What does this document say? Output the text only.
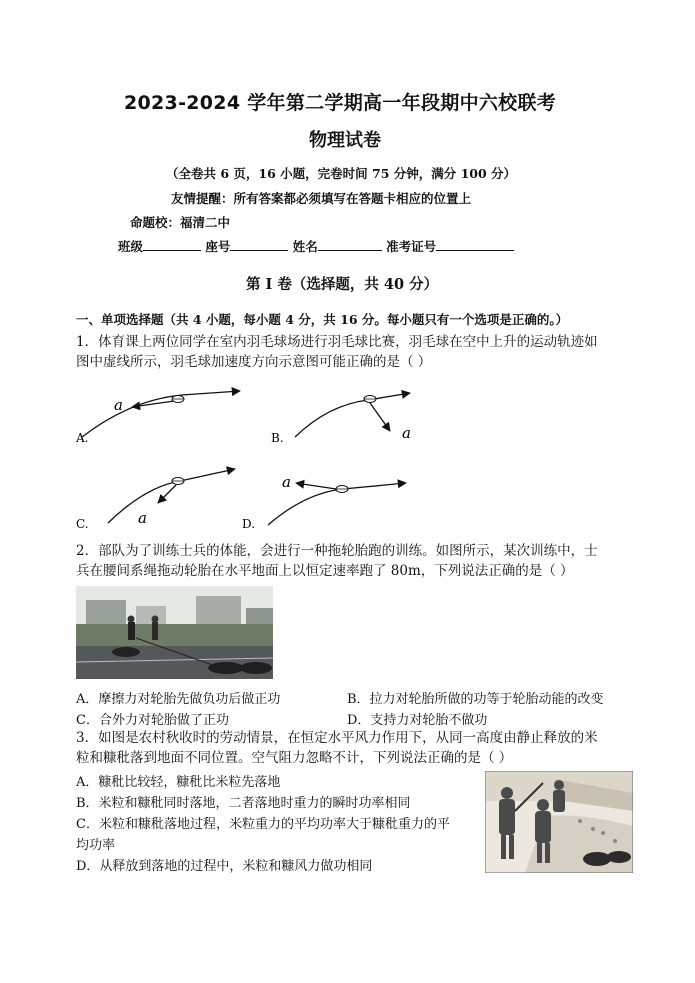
2023-2024 学年第二学期高一年段期中六校联考
物理试卷
（全卷共 6 页，16 小题，完卷时间 75 分钟，满分 100 分）
友情提醒：所有答案都必须填写在答题卡相应的位置上
命题校：福清二中
班级	座号	姓名	准考证号
第 I 卷（选择题，共 40 分）
一、单项选择题（共 4 小题，每小题 4 分，共 16 分。每小题只有一个选项是正确的。）
1．体育课上两位同学在室内羽毛球场进行羽毛球比赛，羽毛球在空中上升的运动轨迹如
图中虚线所示，羽毛球加速度方向示意图可能正确的是（ ）
a
A.	a
B.
a
C.
a
D.
2．部队为了训练士兵的体能，会进行一种拖轮胎跑的训练。如图所示，某次训练中，士
兵在腰间系绳拖动轮胎在水平地面上以恒定速率跑了 80m，下列说法正确的是（ ）
A．摩擦力对轮胎先做负功后做正功	B．拉力对轮胎所做的功等于轮胎动能的改变
C．合外力对轮胎做了正功	D．支持力对轮胎不做功
3．如图是农村秋收时的劳动情景，在恒定水平风力作用下，从同一高度由静止释放的米
粒和糠秕落到地面不同位置。空气阻力忽略不计，下列说法正确的是（ ）
A．糠秕比较轻，糠秕比米粒先落地
B．米粒和糠秕同时落地，二者落地时重力的瞬时功率相同
C．米粒和糠秕落地过程，米粒重力的平均功率大于糠秕重力的平
均功率
D．从释放到落地的过程中，米粒和糠风力做功相同
